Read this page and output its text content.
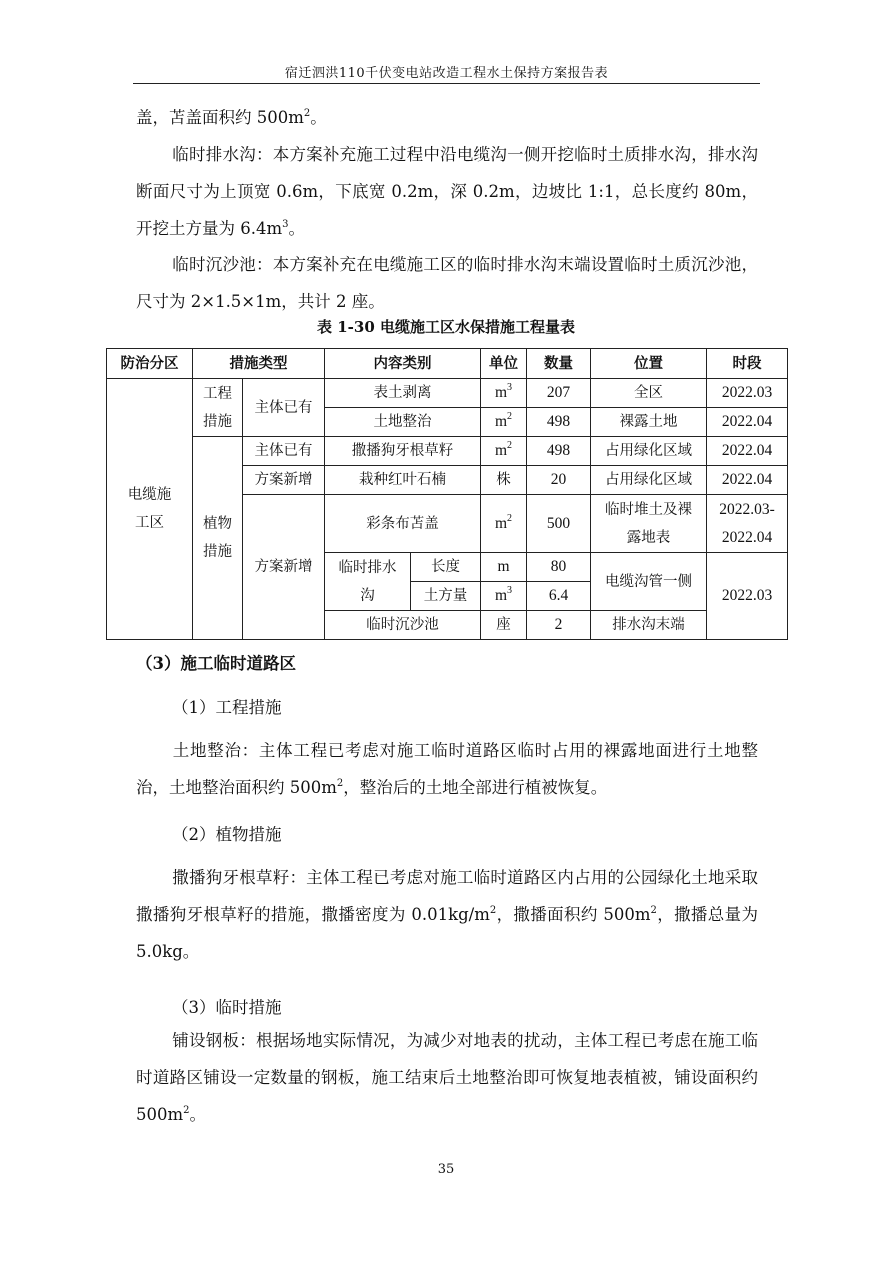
宿迁泗洪110千伏变电站改造工程水土保持方案报告表

盖，苫盖面积约 $500m^2$。

临时排水沟：本方案补充施工过程中沿电缆沟一侧开挖临时土质排水沟，排水沟断面尺寸为上顶宽 0.6m，下底宽 0.2m，深 0.2m，边坡比 1:1，总长度约 80m，开挖土方量为 $6.4m^3$。

临时沉沙池：本方案补充在电缆施工区的临时排水沟末端设置临时土质沉沙池，尺寸为 2×1.5×1m，共计 2 座。

表 1-30 电缆施工区水保措施工程量表
防治分区	措施类型		内容类别		单位	数量	位置	时段
电缆施工区	工程措施	主体已有	表土剥离		$m^3$	207	全区	2022.03
			土地整治		$m^2$	498	裸露土地	2022.04
	植物措施	主体已有	撒播狗牙根草籽		$m^2$	498	占用绿化区域	2022.04
		方案新增	栽种红叶石楠		株	20	占用绿化区域	2022.04
		方案新增	彩条布苫盖		$m^2$	500	临时堆土及裸露地表	2022.03-2022.04
			临时排水沟	长度	m	80	电缆沟管一侧	2022.03
				土方量	$m^3$	6.4		
			临时沉沙池		座	2	排水沟末端	
（3）施工临时道路区
（1）工程措施

土地整治：主体工程已考虑对施工临时道路区临时占用的裸露地面进行土地整治，土地整治面积约 $500m^2$，整治后的土地全部进行植被恢复。

（2）植物措施

撒播狗牙根草籽：主体工程已考虑对施工临时道路区内占用的公园绿化土地采取撒播狗牙根草籽的措施，撒播密度为 $0.01kg/m^2$，撒播面积约 $500m^2$，撒播总量为 5.0kg。

（3）临时措施

铺设钢板：根据场地实际情况，为减少对地表的扰动，主体工程已考虑在施工临时道路区铺设一定数量的钢板，施工结束后土地整治即可恢复地表植被，铺设面积约 $500m^2$。

35
